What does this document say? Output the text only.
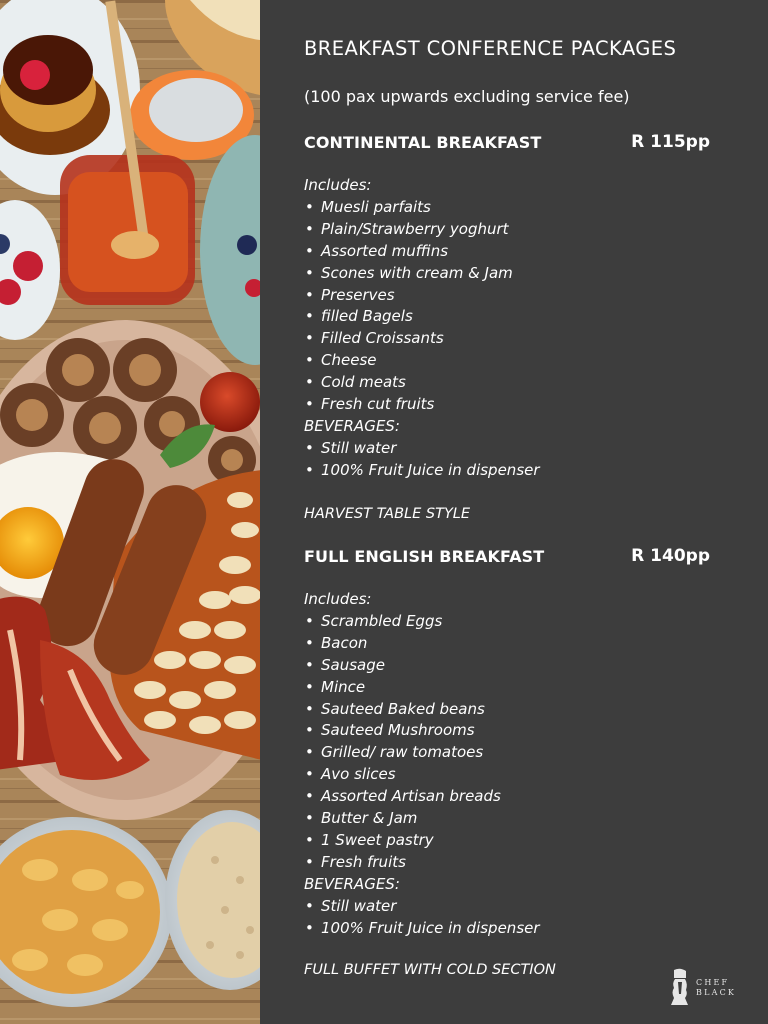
BREAKFAST CONFERENCE PACKAGES

(100 pax upwards excluding service fee)

CONTINENTAL BREAKFAST	R 115pp
Includes:
• Muesli parfaits
• Plain/Strawberry yoghurt
• Assorted muffins
• Scones with cream & Jam
• Preserves
• filled Bagels
• Filled Croissants
• Cheese
• Cold meats
• Fresh cut fruits
BEVERAGES:
• Still water
• 100% Fruit Juice in dispenser
HARVEST TABLE STYLE
FULL ENGLISH BREAKFAST	R 140pp
Includes:
• Scrambled Eggs
• Bacon
• Sausage
• Mince
• Sauteed Baked beans
• Sauteed Mushrooms
• Grilled/ raw tomatoes
• Avo slices
• Assorted Artisan breads
• Butter & Jam
• 1 Sweet pastry
• Fresh fruits
BEVERAGES:
• Still water
• 100% Fruit Juice in dispenser
FULL BUFFET WITH COLD SECTION
CHEF
BLACK
